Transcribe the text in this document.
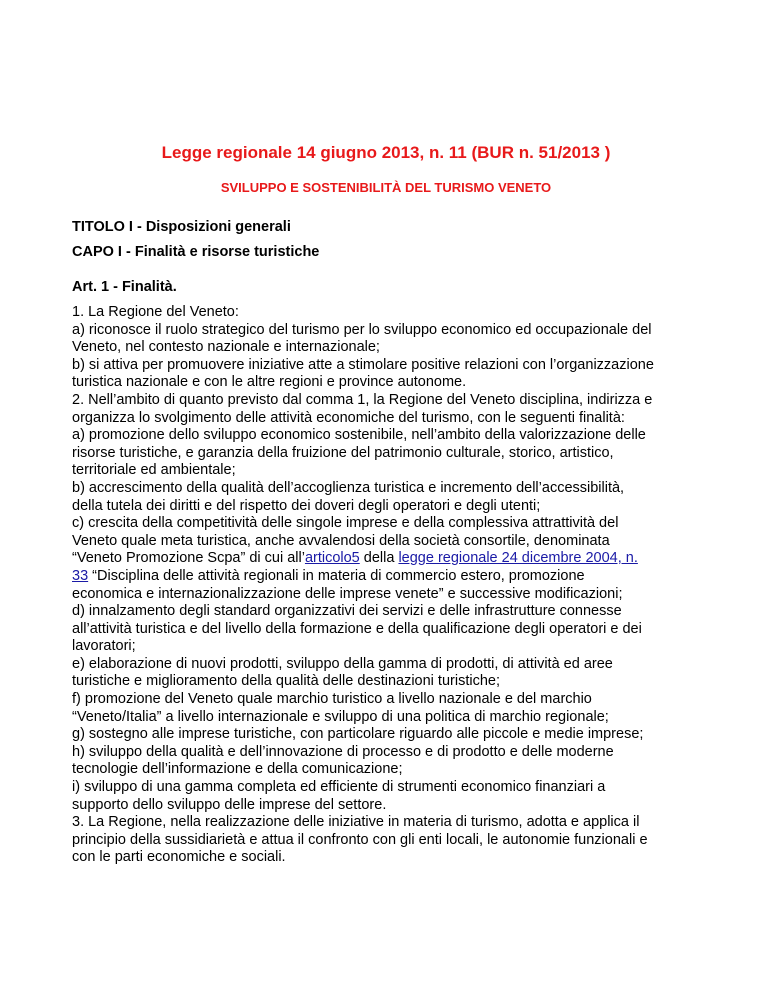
Legge regionale 14 giugno 2013, n. 11 (BUR n. 51/2013 )
SVILUPPO E SOSTENIBILITÀ DEL TURISMO VENETO
TITOLO I - Disposizioni generali
CAPO I - Finalità e risorse turistiche
Art. 1 - Finalità.
1. La Regione del Veneto:
a) riconosce il ruolo strategico del turismo per lo sviluppo economico ed occupazionale del
Veneto, nel contesto nazionale e internazionale;
b) si attiva per promuovere iniziative atte a stimolare positive relazioni con l’organizzazione
turistica nazionale e con le altre regioni e province autonome.
2. Nell’ambito di quanto previsto dal comma 1, la Regione del Veneto disciplina, indirizza e
organizza lo svolgimento delle attività economiche del turismo, con le seguenti finalità:
a) promozione dello sviluppo economico sostenibile, nell’ambito della valorizzazione delle
risorse turistiche, e garanzia della fruizione del patrimonio culturale, storico, artistico,
territoriale ed ambientale;
b) accrescimento della qualità dell’accoglienza turistica e incremento dell’accessibilità,
della tutela dei diritti e del rispetto dei doveri degli operatori e degli utenti;
c) crescita della competitività delle singole imprese e della complessiva attrattività del
Veneto quale meta turistica, anche avvalendosi della società consortile, denominata
“Veneto Promozione Scpa” di cui all’articolo5 della legge regionale 24 dicembre 2004, n.
33 “Disciplina delle attività regionali in materia di commercio estero, promozione
economica e internazionalizzazione delle imprese venete” e successive modificazioni;
d) innalzamento degli standard organizzativi dei servizi e delle infrastrutture connesse
all’attività turistica e del livello della formazione e della qualificazione degli operatori e dei
lavoratori;
e) elaborazione di nuovi prodotti, sviluppo della gamma di prodotti, di attività ed aree
turistiche e miglioramento della qualità delle destinazioni turistiche;
f) promozione del Veneto quale marchio turistico a livello nazionale e del marchio
“Veneto/Italia” a livello internazionale e sviluppo di una politica di marchio regionale;
g) sostegno alle imprese turistiche, con particolare riguardo alle piccole e medie imprese;
h) sviluppo della qualità e dell’innovazione di processo e di prodotto e delle moderne
tecnologie dell’informazione e della comunicazione;
i) sviluppo di una gamma completa ed efficiente di strumenti economico finanziari a
supporto dello sviluppo delle imprese del settore.
3. La Regione, nella realizzazione delle iniziative in materia di turismo, adotta e applica il
principio della sussidiarietà e attua il confronto con gli enti locali, le autonomie funzionali e
con le parti economiche e sociali.
